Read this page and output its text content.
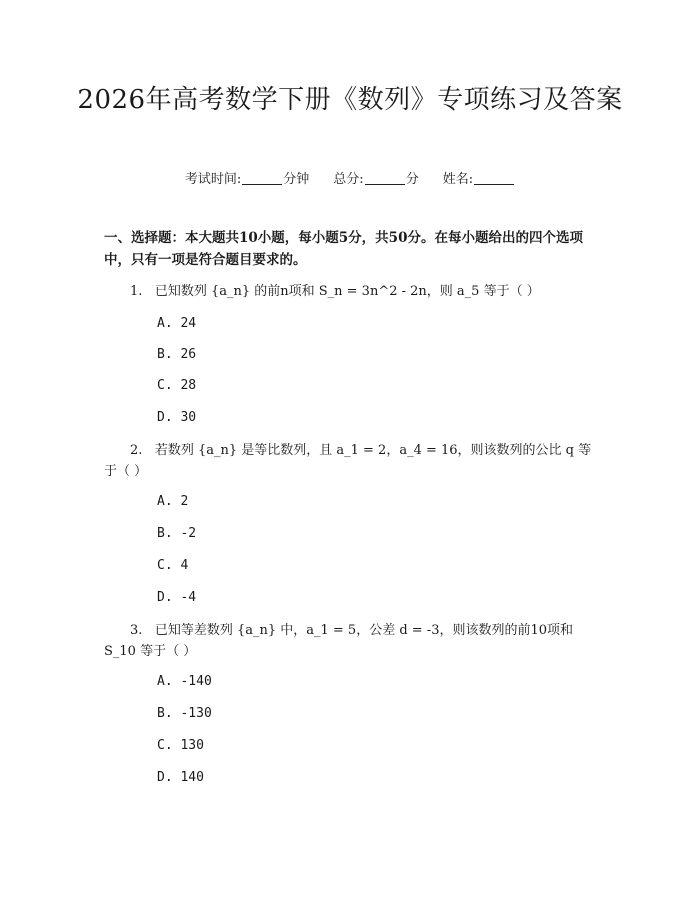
2026年高考数学下册《数列》专项练习及答案
考试时间:	分钟 总分:	分 姓名:
一、选择题：本大题共10小题，每小题5分，共50分。在每小题给出的四个选项中，只有一项是符合题目要求的。
1. 已知数列 {a_n} 的前n项和 S_n = 3n^2 - 2n，则 a_5 等于（ ）
A. 24
B. 26
C. 28
D. 30
2. 若数列 {a_n} 是等比数列，且 a_1 = 2，a_4 = 16，则该数列的公比 q 等于（ ）
A. 2
B. -2
C. 4
D. -4
3. 已知等差数列 {a_n} 中，a_1 = 5，公差 d = -3，则该数列的前10项和 S_10 等于（ ）
A. -140
B. -130
C. 130
D. 140
